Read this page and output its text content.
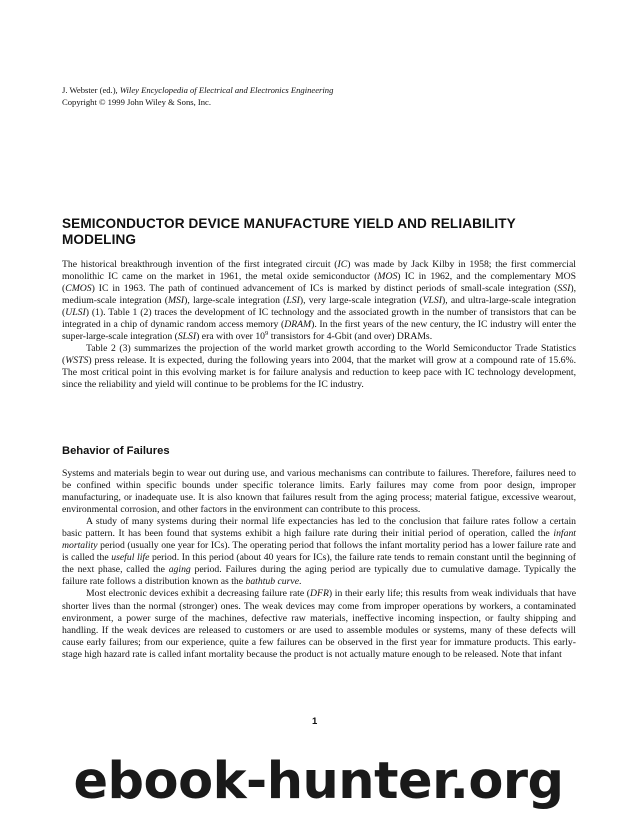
J. Webster (ed.), Wiley Encyclopedia of Electrical and Electronics Engineering
Copyright © 1999 John Wiley & Sons, Inc.
SEMICONDUCTOR DEVICE MANUFACTURE YIELD AND RELIABILITY MODELING

The historical breakthrough invention of the first integrated circuit (IC) was made by Jack Kilby in 1958; the first commercial monolithic IC came on the market in 1961, the metal oxide semiconductor (MOS) IC in 1962, and the complementary MOS (CMOS) IC in 1963. The path of continued advancement of ICs is marked by distinct periods of small-scale integration (SSI), medium-scale integration (MSI), large-scale integration (LSI), very large-scale integration (VLSI), and ultra-large-scale integration (ULSI) (1). Table 1 (2) traces the development of IC technology and the associated growth in the number of transistors that can be integrated in a chip of dynamic random access memory (DRAM). In the first years of the new century, the IC industry will enter the super-large-scale integration (SLSI) era with over $10^9$ transistors for 4-Gbit (and over) DRAMs.

Table 2 (3) summarizes the projection of the world market growth according to the World Semiconductor Trade Statistics (WSTS) press release. It is expected, during the following years into 2004, that the market will grow at a compound rate of 15.6%. The most critical point in this evolving market is for failure analysis and reduction to keep pace with IC technology development, since the reliability and yield will continue to be problems for the IC industry.

Behavior of Failures

Systems and materials begin to wear out during use, and various mechanisms can contribute to failures. Therefore, failures need to be confined within specific bounds under specific tolerance limits. Early failures may come from poor design, improper manufacturing, or inadequate use. It is also known that failures result from the aging process; material fatigue, excessive wearout, environmental corrosion, and other factors in the environment can contribute to this process.

A study of many systems during their normal life expectancies has led to the conclusion that failure rates follow a certain basic pattern. It has been found that systems exhibit a high failure rate during their initial period of operation, called the infant mortality period (usually one year for ICs). The operating period that follows the infant mortality period has a lower failure rate and is called the useful life period. In this period (about 40 years for ICs), the failure rate tends to remain constant until the beginning of the next phase, called the aging period. Failures during the aging period are typically due to cumulative damage. Typically the failure rate follows a distribution known as the bathtub curve.

Most electronic devices exhibit a decreasing failure rate (DFR) in their early life; this results from weak individuals that have shorter lives than the normal (stronger) ones. The weak devices may come from improper operations by workers, a contaminated environment, a power surge of the machines, defective raw materials, ineffective incoming inspection, or faulty shipping and handling. If the weak devices are released to customers or are used to assemble modules or systems, many of these defects will cause early failures; from our experience, quite a few failures can be observed in the first year for immature products. This early-stage high hazard rate is called infant mortality because the product is not actually mature enough to be released. Note that infant

1
ebook-hunter.org
